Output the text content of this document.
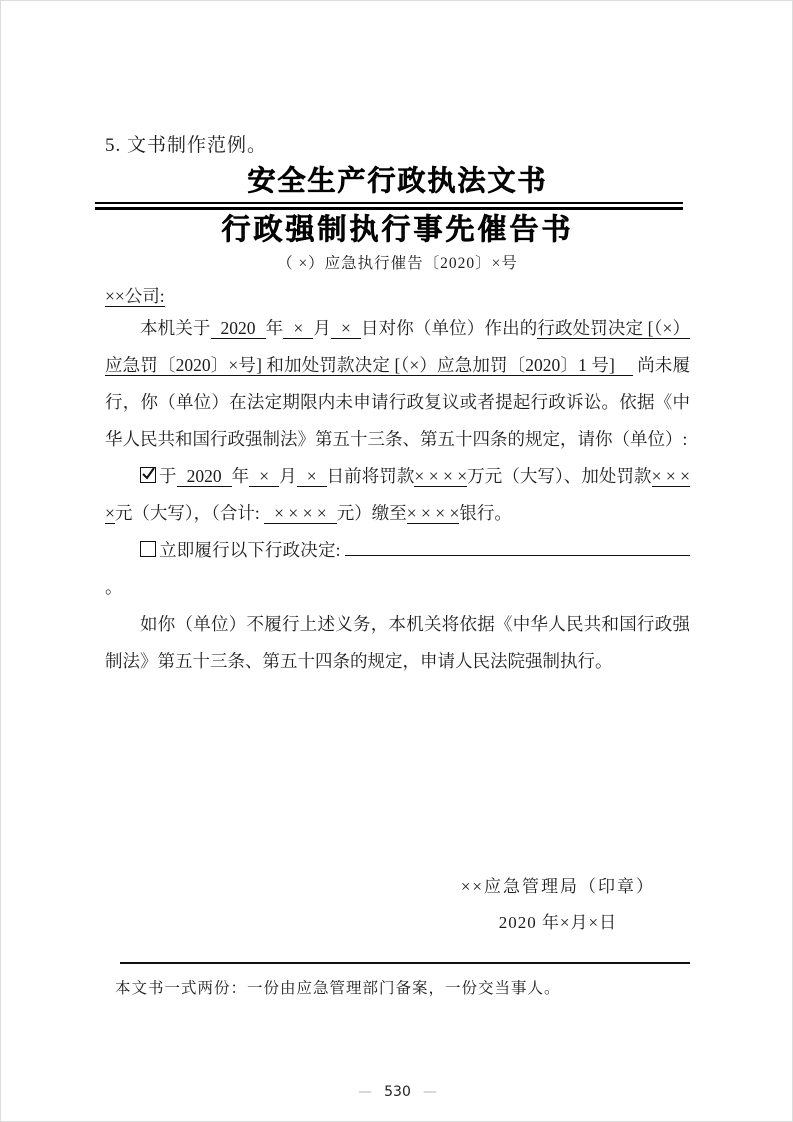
5. 文书制作范例。
安全生产行政执法文书
行政强制执行事先催告书
（ ×）应急执行催告〔2020〕×号
××公司:

本机关于 2020 年 × 月 × 日对你（单位）作出的行政处罚决定 [（×）应急罚〔2020〕×号] 和加处罚款决定 [（×）应急加罚〔2020〕1 号]　 尚未履行，你（单位）在法定期限内未申请行政复议或者提起行政诉讼。依据《中华人民共和国行政强制法》第五十三条、第五十四条的规定，请你（单位）:

于 2020 年 × 月 × 日前将罚款× × × ×万元（大写）、加处罚款× × × ×元（大写），（合计: × × × × 元）缴至× × × ×银行。

立即履行以下行政决定: 。

如你（单位）不履行上述义务，本机关将依据《中华人民共和国行政强制法》第五十三条、第五十四条的规定，申请人民法院强制执行。

××应急管理局（印章）
2020 年×月×日
本文书一式两份：一份由应急管理部门备案，一份交当事人。
— 530 —
